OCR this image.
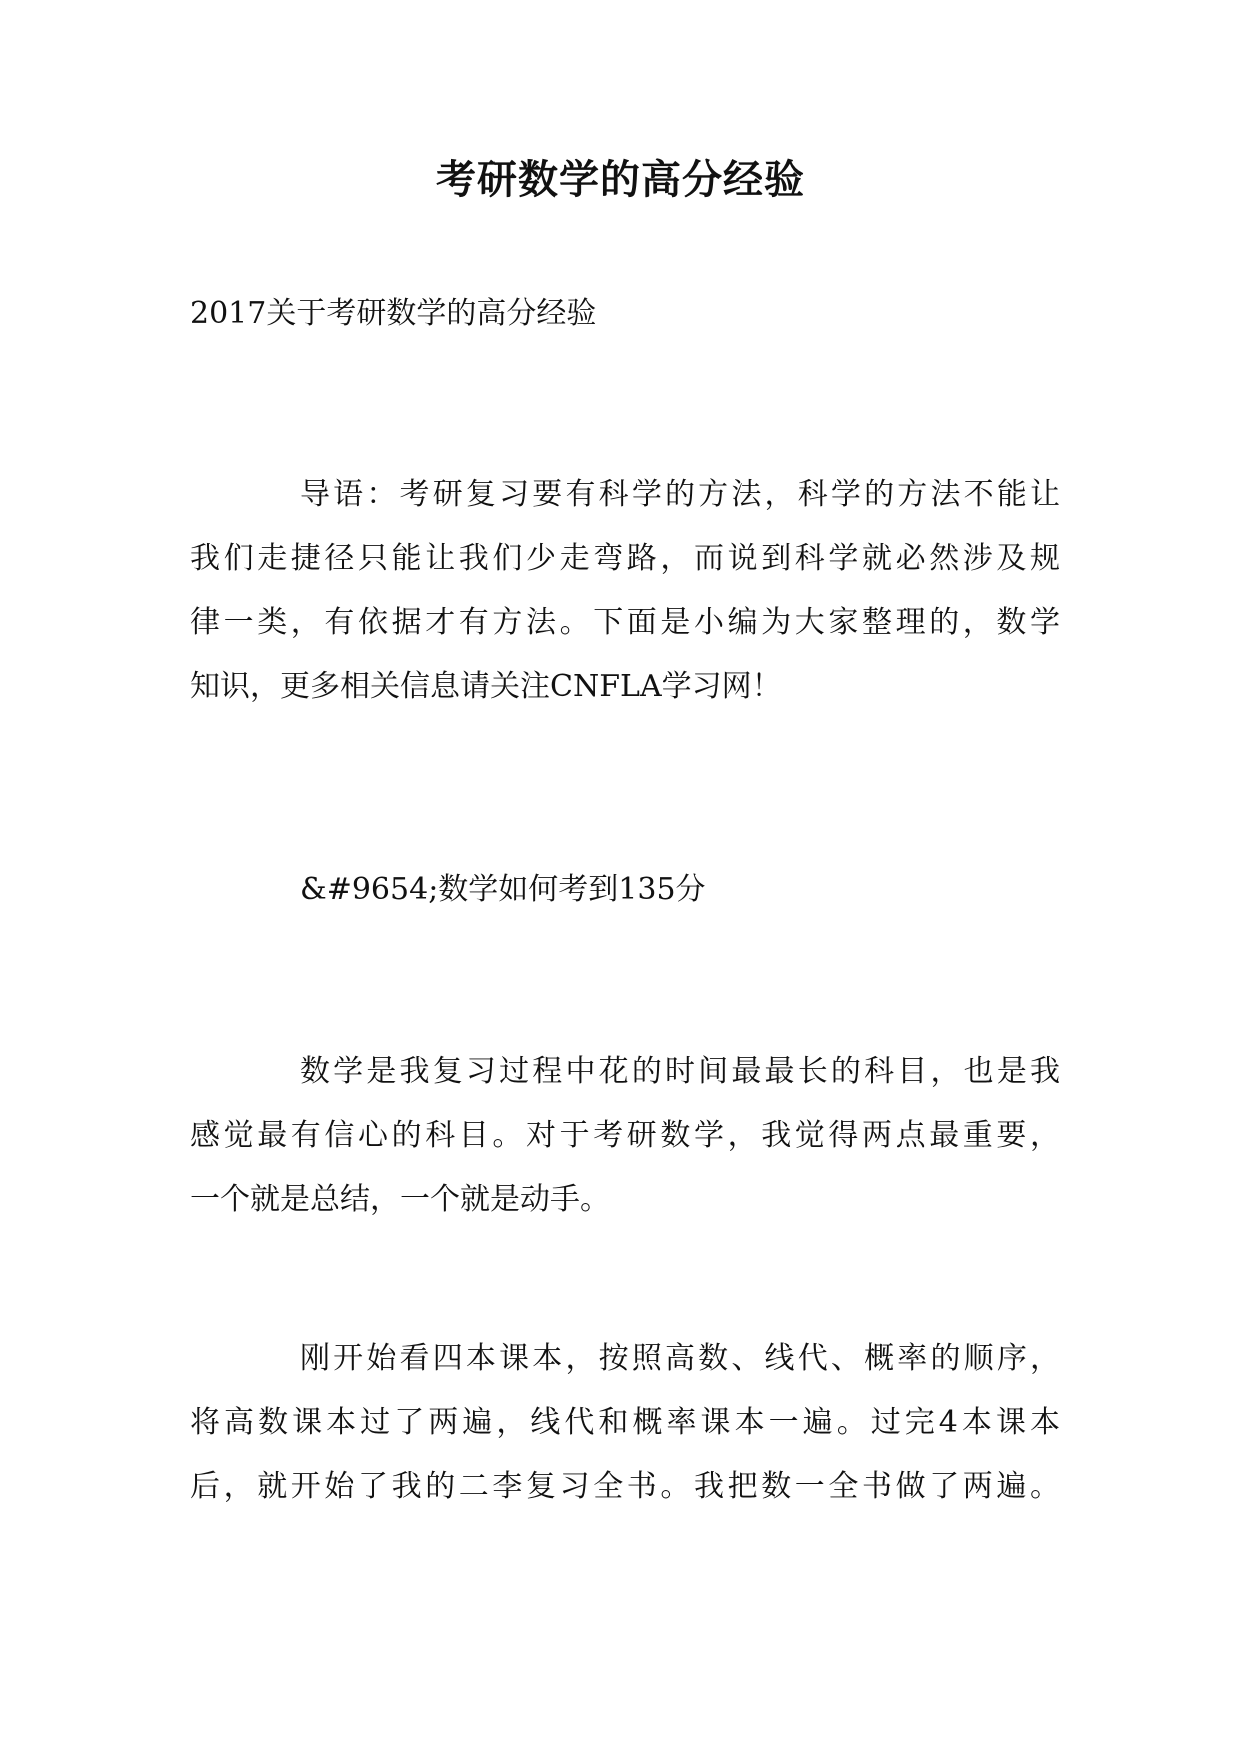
考研数学的高分经验
2017关于考研数学的高分经验
导语：考研复习要有科学的方法，科学的方法不能让
我们走捷径只能让我们少走弯路，而说到科学就必然涉及规
律一类，有依据才有方法。下面是小编为大家整理的，数学
知识，更多相关信息请关注CNFLA学习网！
&#9654;数学如何考到135分
数学是我复习过程中花的时间最最长的科目，也是我
感觉最有信心的科目。对于考研数学，我觉得两点最重要，
一个就是总结，一个就是动手。
刚开始看四本课本，按照高数、线代、概率的顺序，
将高数课本过了两遍，线代和概率课本一遍。过完4本课本
后，就开始了我的二李复习全书。我把数一全书做了两遍。
